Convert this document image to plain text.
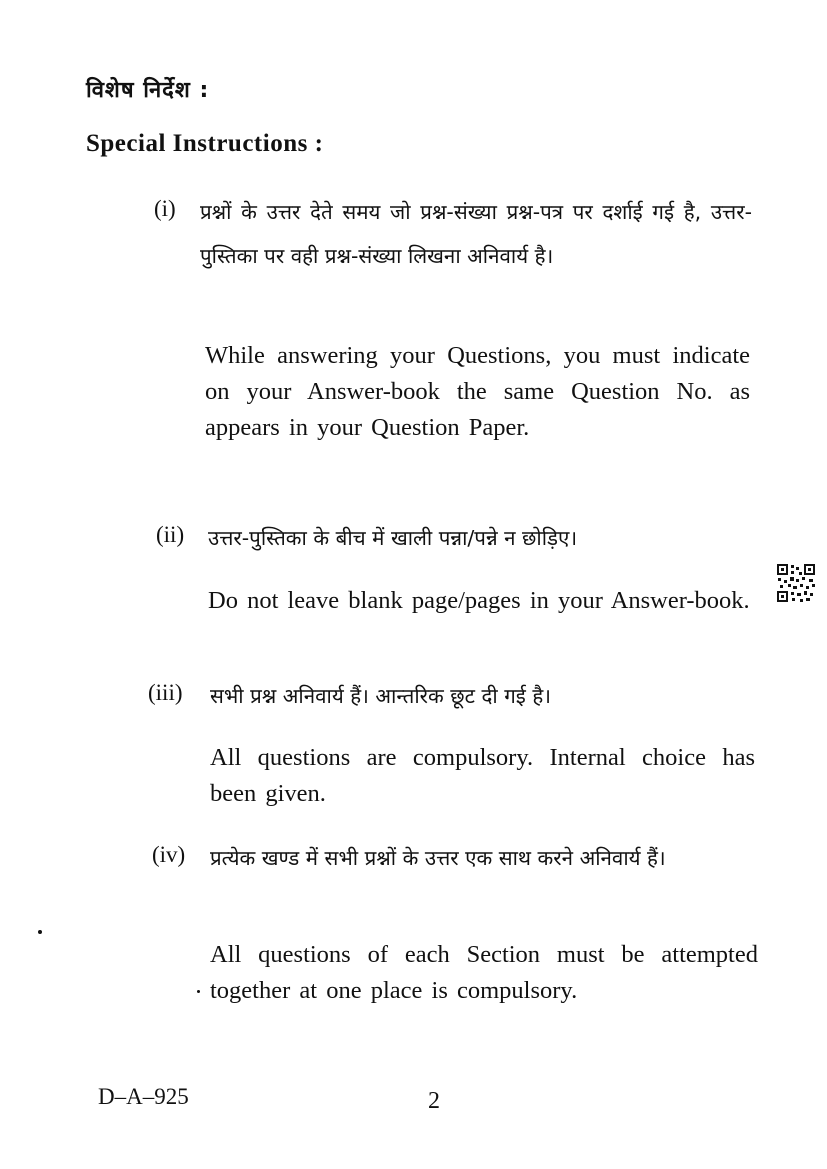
विशेष निर्देश :
Special Instructions :
(i) प्रश्नों के उत्तर देते समय जो प्रश्न-संख्या प्रश्न-पत्र पर दर्शाई गई है, उत्तर-पुस्तिका पर वही प्रश्न-संख्या लिखना अनिवार्य है।
While answering your Questions, you must indicate on your Answer-book the same Question No. as appears in your Question Paper.
(ii) उत्तर-पुस्तिका के बीच में खाली पन्ना/पन्ने न छोड़िए।
Do not leave blank page/pages in your Answer-book.
(iii) सभी प्रश्न अनिवार्य हैं। आन्तरिक छूट दी गई है।
All questions are compulsory. Internal choice has been given.
(iv) प्रत्येक खण्ड में सभी प्रश्नों के उत्तर एक साथ करने अनिवार्य हैं।
All questions of each Section must be attempted together at one place is compulsory.
D–A–925	2
